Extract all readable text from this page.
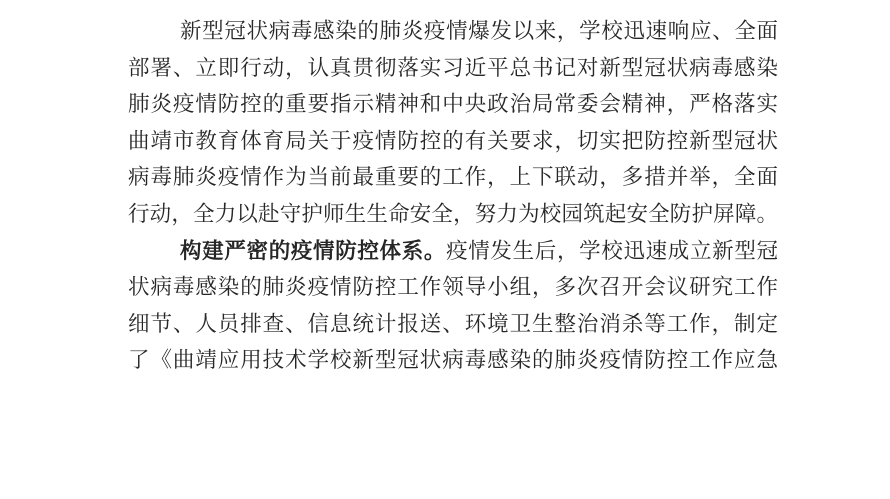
新型冠状病毒感染的肺炎疫情爆发以来，学校迅速响应、全面
部署、立即行动，认真贯彻落实习近平总书记对新型冠状病毒感染
肺炎疫情防控的重要指示精神和中央政治局常委会精神，严格落实
曲靖市教育体育局关于疫情防控的有关要求，切实把防控新型冠状
病毒肺炎疫情作为当前最重要的工作，上下联动，多措并举，全面
行动，全力以赴守护师生生命安全，努力为校园筑起安全防护屏障。
构建严密的疫情防控体系。疫情发生后，学校迅速成立新型冠
状病毒感染的肺炎疫情防控工作领导小组，多次召开会议研究工作
细节、人员排查、信息统计报送、环境卫生整治消杀等工作，制定
了《曲靖应用技术学校新型冠状病毒感染的肺炎疫情防控工作应急
